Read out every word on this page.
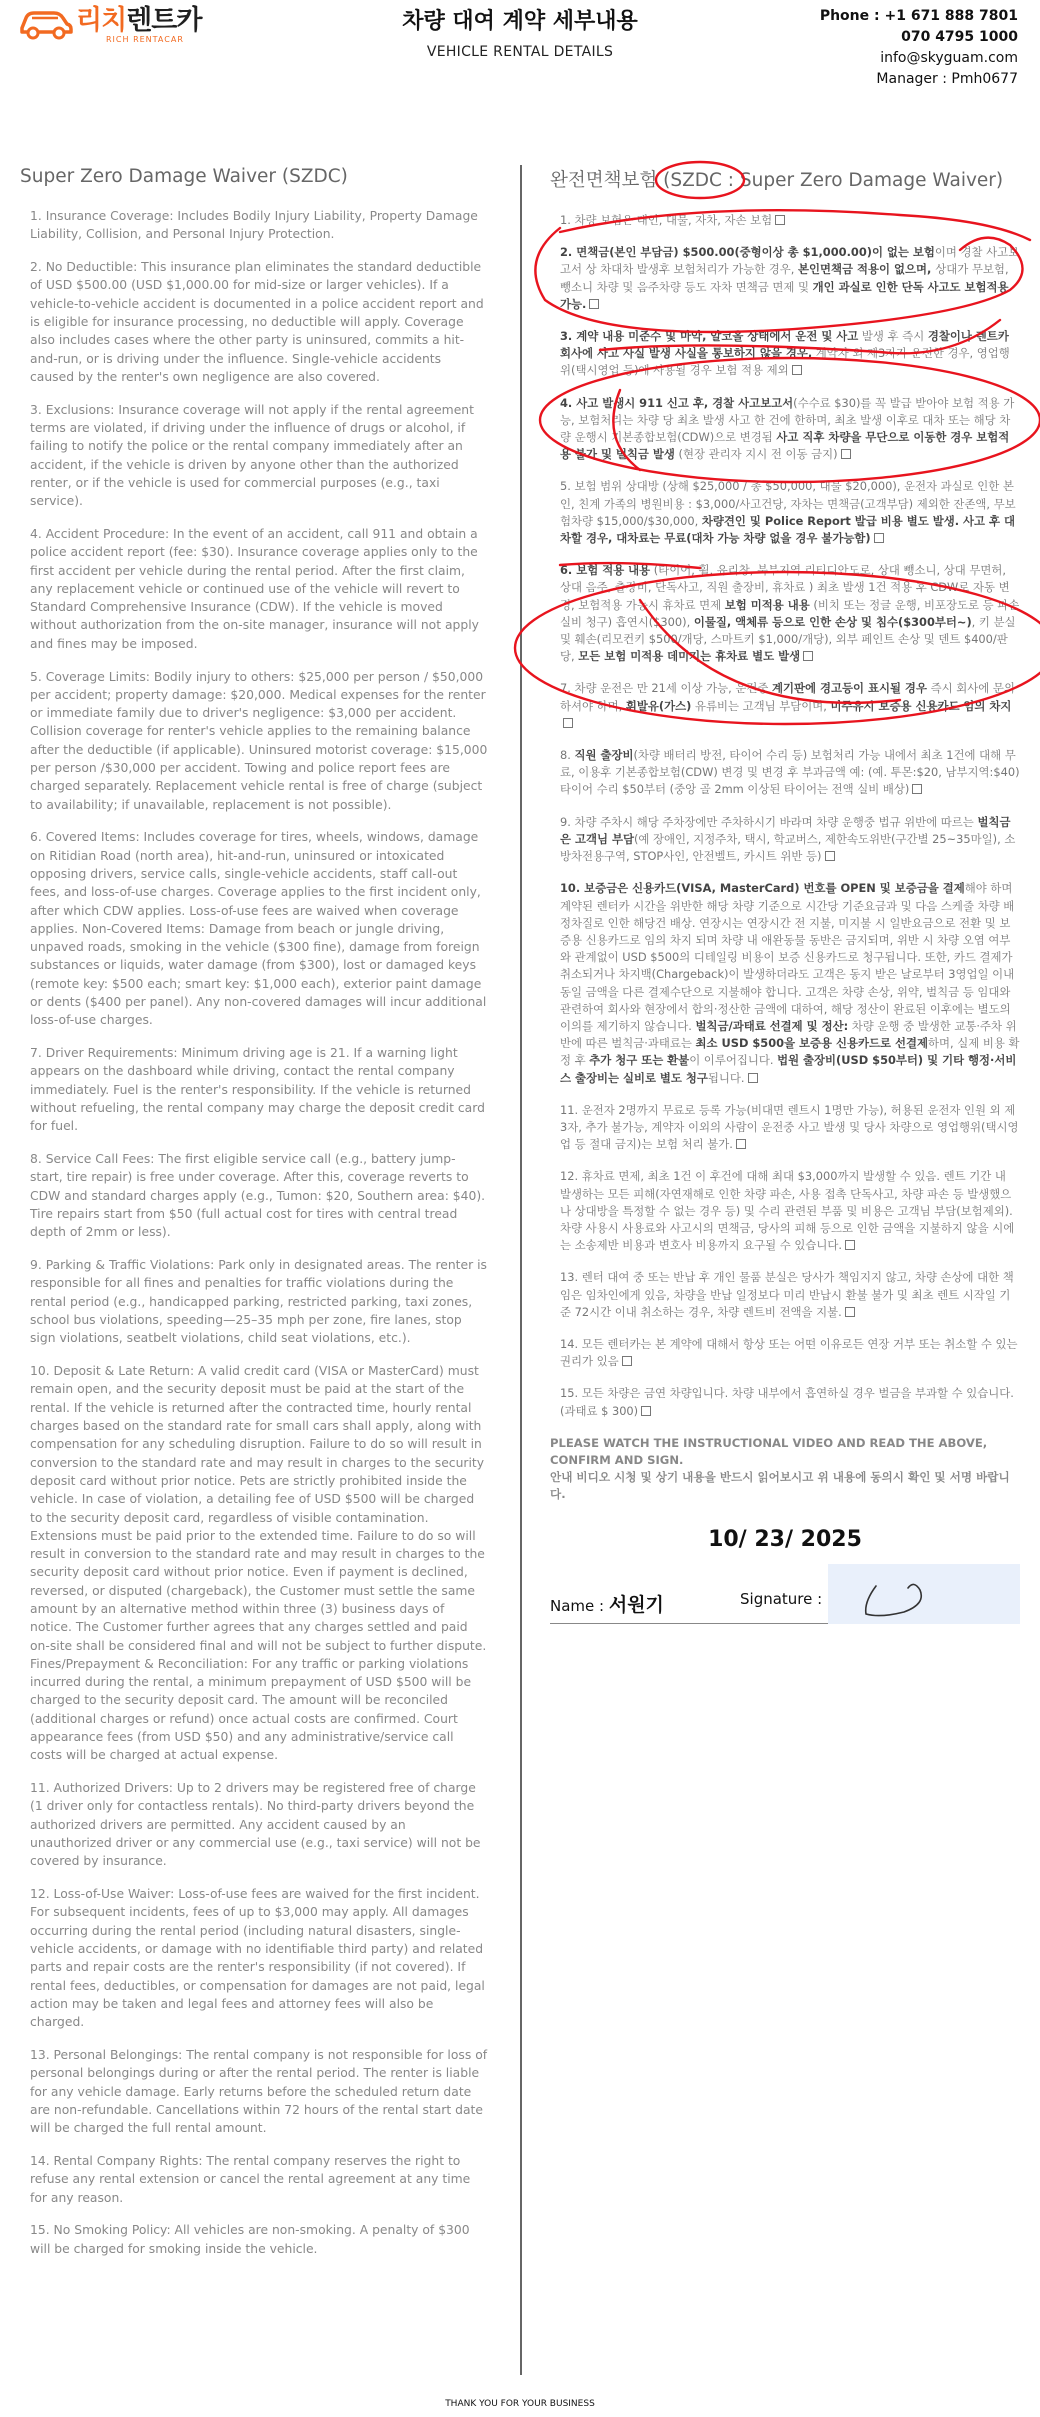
리치렌트카
RICH RENTACAR
차량 대여 계약 세부내용
VEHICLE RENTAL DETAILS
Phone : +1 671 888 7801
070 4795 1000
info@skyguam.com
Manager : Pmh0677
Super Zero Damage Waiver (SZDC)
1. Insurance Coverage: Includes Bodily Injury Liability, Property Damage Liability, Collision, and Personal Injury Protection.
2. No Deductible: This insurance plan eliminates the standard deductible of USD $500.00 (USD $1,000.00 for mid-size or larger vehicles). If a vehicle-to-vehicle accident is documented in a police accident report and is eligible for insurance processing, no deductible will apply. Coverage also includes cases where the other party is uninsured, commits a hit-and-run, or is driving under the influence. Single-vehicle accidents caused by the renter's own negligence are also covered.
3. Exclusions: Insurance coverage will not apply if the rental agreement terms are violated, if driving under the influence of drugs or alcohol, if failing to notify the police or the rental company immediately after an accident, if the vehicle is driven by anyone other than the authorized renter, or if the vehicle is used for commercial purposes (e.g., taxi service).
4. Accident Procedure: In the event of an accident, call 911 and obtain a police accident report (fee: $30). Insurance coverage applies only to the first accident per vehicle during the rental period. After the first claim, any replacement vehicle or continued use of the vehicle will revert to Standard Comprehensive Insurance (CDW). If the vehicle is moved without authorization from the on-site manager, insurance will not apply and fines may be imposed.
5. Coverage Limits: Bodily injury to others: $25,000 per person / $50,000 per accident; property damage: $20,000. Medical expenses for the renter or immediate family due to driver's negligence: $3,000 per accident. Collision coverage for renter's vehicle applies to the remaining balance after the deductible (if applicable). Uninsured motorist coverage: $15,000 per person /$30,000 per accident. Towing and police report fees are charged separately. Replacement vehicle rental is free of charge (subject to availability; if unavailable, replacement is not possible).
6. Covered Items: Includes coverage for tires, wheels, windows, damage on Ritidian Road (north area), hit-and-run, uninsured or intoxicated opposing drivers, service calls, single-vehicle accidents, staff call-out fees, and loss-of-use charges. Coverage applies to the first incident only, after which CDW applies. Loss-of-use fees are waived when coverage applies. Non-Covered Items: Damage from beach or jungle driving, unpaved roads, smoking in the vehicle ($300 fine), damage from foreign substances or liquids, water damage (from $300), lost or damaged keys (remote key: $500 each; smart key: $1,000 each), exterior paint damage or dents ($400 per panel). Any non-covered damages will incur additional loss-of-use charges.
7. Driver Requirements: Minimum driving age is 21. If a warning light appears on the dashboard while driving, contact the rental company immediately. Fuel is the renter's responsibility. If the vehicle is returned without refueling, the rental company may charge the deposit credit card for fuel.
8. Service Call Fees: The first eligible service call (e.g., battery jump-start, tire repair) is free under coverage. After this, coverage reverts to CDW and standard charges apply (e.g., Tumon: $20, Southern area: $40). Tire repairs start from $50 (full actual cost for tires with central tread depth of 2mm or less).
9. Parking & Traffic Violations: Park only in designated areas. The renter is responsible for all fines and penalties for traffic violations during the rental period (e.g., handicapped parking, restricted parking, taxi zones, school bus violations, speeding—25–35 mph per zone, fire lanes, stop sign violations, seatbelt violations, child seat violations, etc.).
10. Deposit & Late Return: A valid credit card (VISA or MasterCard) must remain open, and the security deposit must be paid at the start of the rental. If the vehicle is returned after the contracted time, hourly rental charges based on the standard rate for small cars shall apply, along with compensation for any scheduling disruption. Failure to do so will result in conversion to the standard rate and may result in charges to the security deposit card without prior notice. Pets are strictly prohibited inside the vehicle. In case of violation, a detailing fee of USD $500 will be charged to the security deposit card, regardless of visible contamination. Extensions must be paid prior to the extended time. Failure to do so will result in conversion to the standard rate and may result in charges to the security deposit card without prior notice. Even if payment is declined, reversed, or disputed (chargeback), the Customer must settle the same amount by an alternative method within three (3) business days of notice. The Customer further agrees that any charges settled and paid on-site shall be considered final and will not be subject to further dispute. Fines/Prepayment & Reconciliation: For any traffic or parking violations incurred during the rental, a minimum prepayment of USD $500 will be charged to the security deposit card. The amount will be reconciled (additional charges or refund) once actual costs are confirmed. Court appearance fees (from USD $50) and any administrative/service call costs will be charged at actual expense.
11. Authorized Drivers: Up to 2 drivers may be registered free of charge (1 driver only for contactless rentals). No third-party drivers beyond the authorized drivers are permitted. Any accident caused by an unauthorized driver or any commercial use (e.g., taxi service) will not be covered by insurance.
12. Loss-of-Use Waiver: Loss-of-use fees are waived for the first incident. For subsequent incidents, fees of up to $3,000 may apply. All damages occurring during the rental period (including natural disasters, single-vehicle accidents, or damage with no identifiable third party) and related parts and repair costs are the renter's responsibility (if not covered). If rental fees, deductibles, or compensation for damages are not paid, legal action may be taken and legal fees and attorney fees will also be charged.
13. Personal Belongings: The rental company is not responsible for loss of personal belongings during or after the rental period. The renter is liable for any vehicle damage. Early returns before the scheduled return date are non-refundable. Cancellations within 72 hours of the rental start date will be charged the full rental amount.
14. Rental Company Rights: The rental company reserves the right to refuse any rental extension or cancel the rental agreement at any time for any reason.
15. No Smoking Policy: All vehicles are non-smoking. A penalty of $300 will be charged for smoking inside the vehicle.
완전면책보험 (SZDC : Super Zero Damage Waiver)
1. 차량 보험은 대인, 대물, 자차, 자손 보험
2. 면책금(본인 부담금) $500.00(중형이상 총 $1,000.00)이 없는 보험이며 경찰 사고보고서 상 차대차 발생후 보험처리가 가능한 경우, 본인면책금 적용이 없으며, 상대가 무보험, 뺑소니 차량 및 음주차량 등도 자차 면책금 면제 및 개인 과실로 인한 단독 사고도 보험적용 가능.
3. 계약 내용 미준수 및 마약, 알코올 상태에서 운전 및 사고 발생 후 즉시 경찰이나 렌트카 회사에 사고 사실 발생 사실을 통보하지 않을 경우, 계약자 외 제3자가 운전한 경우, 영업행위(택시영업 등)에 사용될 경우 보험 적용 제외
4. 사고 발생시 911 신고 후, 경찰 사고보고서(수수료 $30)를 꼭 발급 받아야 보험 적용 가능, 보험처리는 차량 당 최초 발생 사고 한 건에 한하며, 최초 발생 이후로 대차 또는 해당 차량 운행시 기본종합보험(CDW)으로 변경됨 사고 직후 차량을 무단으로 이동한 경우 보험적용 불가 및 벌칙금 발생 (현장 관리자 지시 전 이동 금지)
5. 보험 범위 상대방 (상해 $25,000 / 총 $50,000, 대물 $20,000), 운전자 과실로 인한 본인, 친계 가족의 병원비용 : $3,000/사고건당, 자차는 면책금(고객부담) 제외한 잔존액, 무보험차량 $15,000/$30,000, 차량견인 및 Police Report 발급 비용 별도 발생. 사고 후 대차할 경우, 대차료는 무료(대차 가능 차량 없을 경우 불가능함)
6. 보험 적용 내용 (타이어, 휠, 유리창, 북부지역 리티디안도로, 상대 뺑소니, 상대 무면허, 상대 음주, 출장비, 단독사고, 직원 출장비, 휴차료 ) 최초 발생 1건 적용 후 CDW로 자동 변경, 보험적용 가능시 휴차료 면제 보험 미적용 내용 (비치 또는 정글 운행, 비포장도로 등 파손 실비 청구) 흡연시($300), 이물질, 액체류 등으로 인한 손상 및 침수($300부터~), 키 분실 및 훼손(리모컨키 $500/개당, 스마트키 $1,000/개당), 외부 페인트 손상 및 덴트 $400/판당, 모든 보험 미적용 데미지는 휴차료 별도 발생
7. 차량 운전은 만 21세 이상 가능, 운전중 계기판에 경고등이 표시될 경우 즉시 회사에 문의 하셔야 하며, 휘발유(가스) 유류비는 고객님 부담이며, 미주유시 보증용 신용카드 임의 차지
8. 직원 출장비(차량 배터리 방전, 타이어 수리 등) 보험처리 가능 내에서 최초 1건에 대해 무료, 이용후 기본종합보험(CDW) 변경 및 변경 후 부과금액 예: (예. 투몬:$20, 남부지역:$40) 타이어 수리 $50부터 (중앙 골 2mm 이상된 타이어는 전액 실비 배상)
9. 차량 주차시 해당 주차장에만 주차하시기 바라며 차량 운행중 법규 위반에 따르는 벌칙금은 고객님 부담(예 장애인, 지정주차, 택시, 학교버스, 제한속도위반(구간별 25~35마일), 소방차전용구역, STOP사인, 안전벨트, 카시트 위반 등)
10. 보증금은 신용카드(VISA, MasterCard) 번호를 OPEN 및 보증금을 결제해야 하며 계약된 렌터카 시간을 위반한 해당 차량 기준으로 시간당 기준요금과 및 다음 스케줄 차량 배정차질로 인한 해당건 배상. 연장시는 연장시간 전 지불, 미지불 시 일반요금으로 전환 및 보증용 신용카드로 임의 차지 되며 차량 내 애완동물 동반은 금지되며, 위반 시 차량 오염 여부와 관계없이 USD $500의 디테일링 비용이 보증 신용카드로 청구됩니다. 또한, 카드 결제가 취소되거나 차지백(Chargeback)이 발생하더라도 고객은 동지 받은 날로부터 3영업일 이내 동일 금액을 다른 결제수단으로 지불해야 합니다. 고객은 차량 손상, 위약, 벌칙금 등 임대와 관련하여 회사와 현장에서 합의·정산한 금액에 대하여, 해당 정산이 완료된 이후에는 별도의 이의를 제기하지 않습니다. 벌칙금/과태료 선결제 및 정산: 차량 운행 중 발생한 교통·주차 위반에 따른 벌칙금·과태료는 최소 USD $500을 보증용 신용카드로 선결제하며, 실제 비용 확정 후 추가 청구 또는 환불이 이루어집니다. 법원 출장비(USD $50부터) 및 기타 행정·서비스 출장비는 실비로 별도 청구됩니다.
11. 운전자 2명까지 무료로 등록 가능(비대면 렌트시 1명만 가능), 허용된 운전자 인원 외 제3자, 추가 불가능, 계약자 이외의 사람이 운전중 사고 발생 및 당사 차량으로 영업행위(택시영업 등 절대 금지)는 보험 처리 불가.
12. 휴차료 면제, 최초 1건 이 후건에 대해 최대 $3,000까지 발생할 수 있음. 렌트 기간 내 발생하는 모든 피해(자연재해로 인한 차량 파손, 사용 접촉 단독사고, 차량 파손 등 발생했으나 상대방을 특정할 수 없는 경우 등) 및 수리 관련된 부품 및 비용은 고객님 부담(보험제외). 차량 사용시 사용료와 사고시의 면책금, 당사의 피해 등으로 인한 금액을 지불하지 않을 시에는 소송제반 비용과 변호사 비용까지 요구될 수 있습니다.
13. 렌터 대여 중 또는 반납 후 개인 물품 분실은 당사가 책임지지 않고, 차량 손상에 대한 책임은 임차인에게 있음, 차량을 반납 일정보다 미리 반납시 환불 불가 및 최초 렌트 시작일 기준 72시간 이내 취소하는 경우, 차량 렌트비 전액을 지불.
14. 모든 렌터카는 본 계약에 대해서 항상 또는 어떤 이유로든 연장 거부 또는 취소할 수 있는 권리가 있음
15. 모든 차량은 금연 차량입니다. 차량 내부에서 흡연하실 경우 벌금을 부과할 수 있습니다. (과태료 $ 300)
PLEASE WATCH THE INSTRUCTIONAL VIDEO AND READ THE ABOVE, CONFIRM AND SIGN.
안내 비디오 시청 및 상기 내용을 반드시 읽어보시고 위 내용에 동의시 확인 및 서명 바랍니다.
10/ 23/ 2025
Name : 서원기	Signature :
THANK YOU FOR YOUR BUSINESS
